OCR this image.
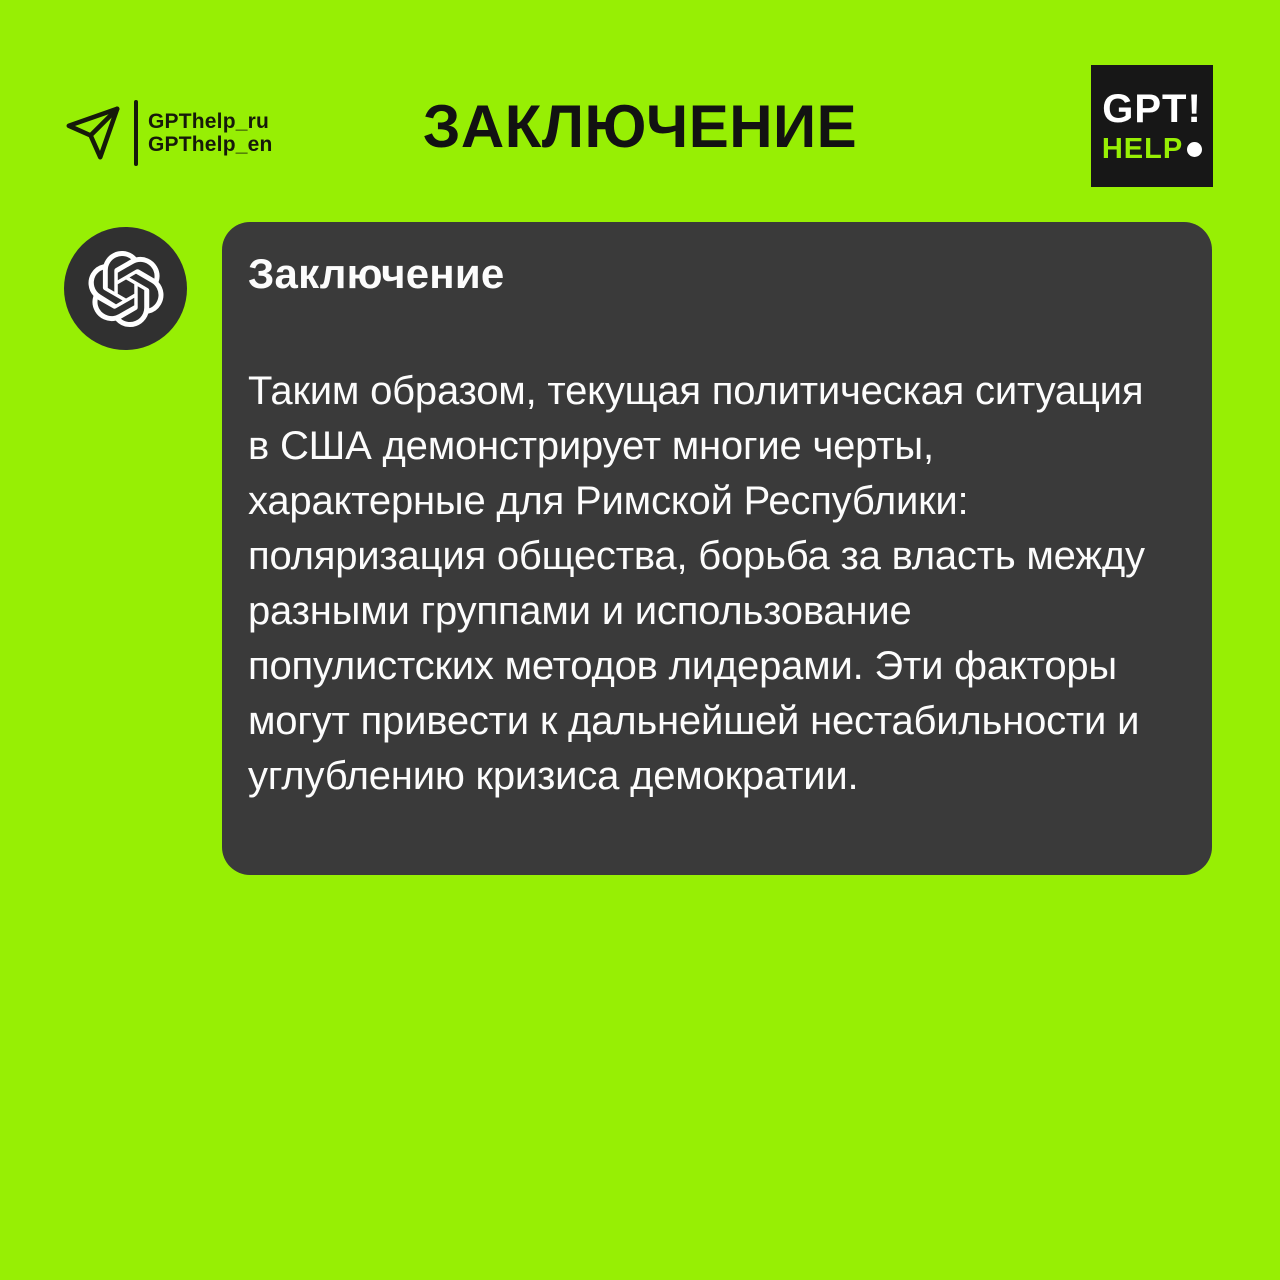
GPThelp_ru
GPThelp_en	ЗАКЛЮЧЕНИЕ	GPT!
HELP
Заключение
Таким образом, текущая политическая ситуация в США демонстрирует многие черты, характерные для Римской Республики: поляризация общества, борьба за власть между разными группами и использование популистских методов лидерами. Эти факторы могут привести к дальнейшей нестабильности и углублению кризиса демократии.
